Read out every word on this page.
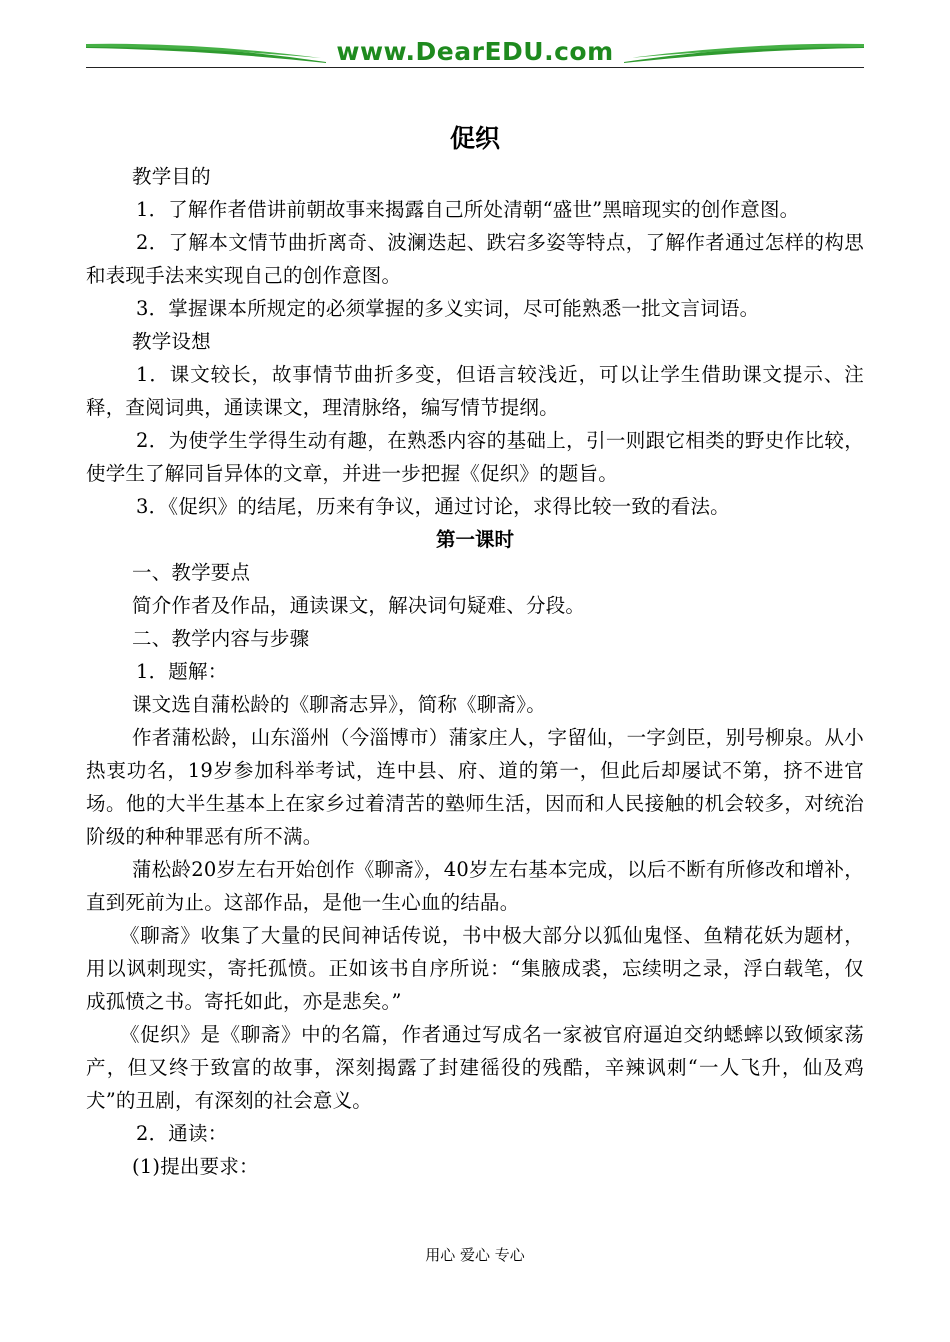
www.DearEDU.com
促织
教学目的
1．了解作者借讲前朝故事来揭露自己所处清朝“盛世”黑暗现实的创作意图。
2．了解本文情节曲折离奇、波澜迭起、跌宕多姿等特点，了解作者通过怎样的构思和表现手法来实现自己的创作意图。
3．掌握课本所规定的必须掌握的多义实词，尽可能熟悉一批文言词语。
教学设想
1．课文较长，故事情节曲折多变，但语言较浅近，可以让学生借助课文提示、注释，查阅词典，通读课文，理清脉络，编写情节提纲。
2．为使学生学得生动有趣，在熟悉内容的基础上，引一则跟它相类的野史作比较，使学生了解同旨异体的文章，并进一步把握《促织》的题旨。
3．《促织》的结尾，历来有争议，通过讨论，求得比较一致的看法。
第一课时
一、教学要点
简介作者及作品，通读课文，解决词句疑难、分段。
二、教学内容与步骤
1．题解：
课文选自蒲松龄的《聊斋志异》，简称《聊斋》。
作者蒲松龄，山东淄州（今淄博市）蒲家庄人，字留仙，一字剑臣，别号柳泉。从小热衷功名，19岁参加科举考试，连中县、府、道的第一，但此后却屡试不第，挤不进官场。他的大半生基本上在家乡过着清苦的塾师生活，因而和人民接触的机会较多，对统治阶级的种种罪恶有所不满。
蒲松龄20岁左右开始创作《聊斋》，40岁左右基本完成，以后不断有所修改和增补，直到死前为止。这部作品，是他一生心血的结晶。
《聊斋》收集了大量的民间神话传说，书中极大部分以狐仙鬼怪、鱼精花妖为题材，用以讽刺现实，寄托孤愤。正如该书自序所说：“集腋成裘，忘续明之录，浮白载笔，仅成孤愤之书。寄托如此，亦是悲矣。”
《促织》是《聊斋》中的名篇，作者通过写成名一家被官府逼迫交纳蟋蟀以致倾家荡产，但又终于致富的故事，深刻揭露了封建徭役的残酷，辛辣讽刺“一人飞升，仙及鸡犬”的丑剧，有深刻的社会意义。
2．通读：
(1)提出要求：
用心 爱心 专心
